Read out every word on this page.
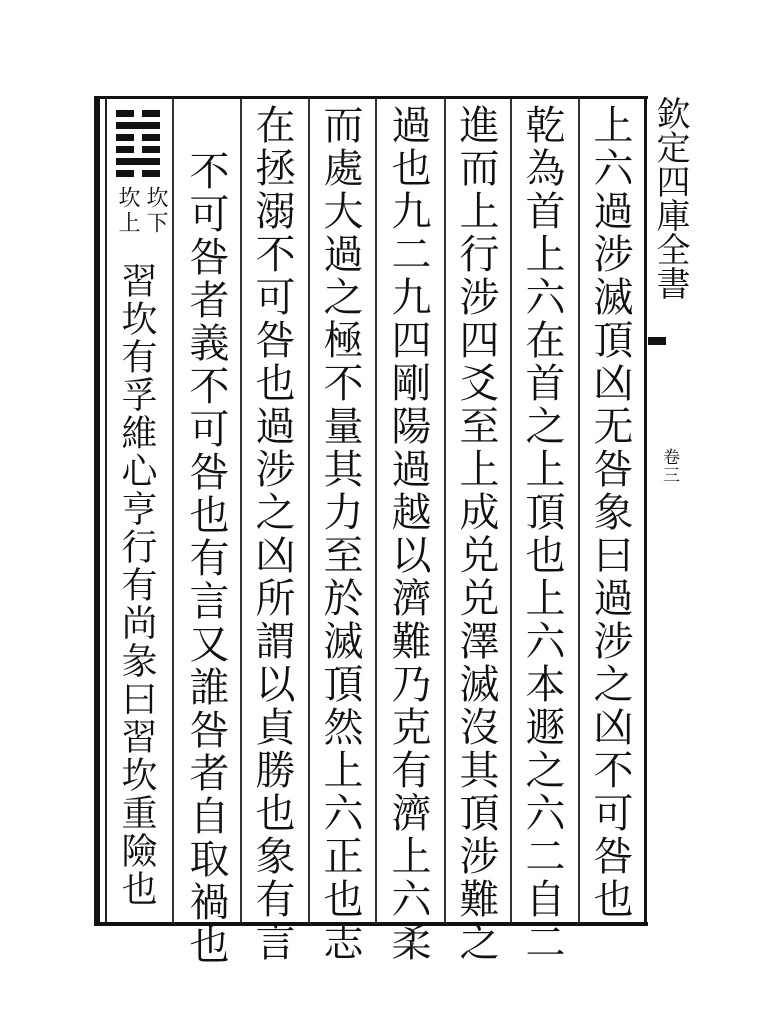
欽定四庫全書
卷三
上六過涉滅頂凶无咎象曰過涉之凶不可咎也
乾為首上六在首之上頂也上六本遯之六二自二
進而上行涉四爻至上成兑兑澤滅沒其頂涉難之
過也九二九四剛陽過越以濟難乃克有濟上六柔
而處大過之極不量其力至於滅頂然上六正也志
在拯溺不可咎也過涉之凶所謂以貞勝也象有言
不可咎者義不可咎也有言又誰咎者自取禍也
坎下
坎上
習坎有孚維心亨行有尚彖曰習坎重險也
